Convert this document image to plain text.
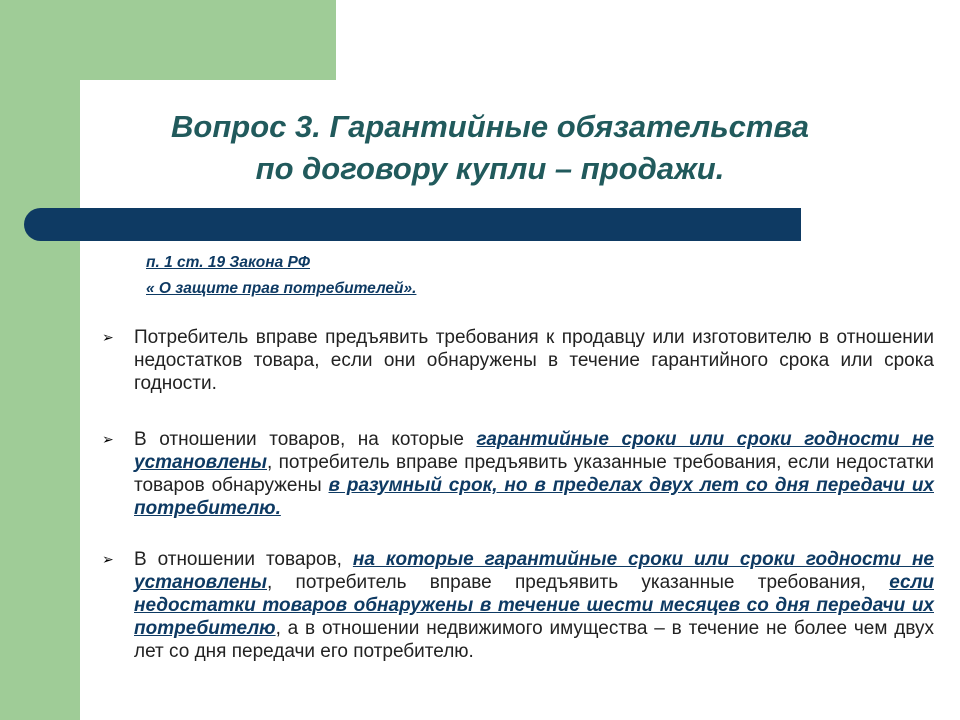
Вопрос 3. Гарантийные обязательства
по договору купли – продажи.
п. 1 ст. 19 Закона РФ
« О защите прав потребителей».
➢ Потребитель вправе предъявить требования к продавцу или изготовителю в отношении недостатков товара, если они обнаружены в течение гарантийного срока или срока годности.
➢ В отношении товаров, на которые гарантийные сроки или сроки годности не установлены, потребитель вправе предъявить указанные требования, если недостатки товаров обнаружены в разумный срок, но в пределах двух лет со дня передачи их потребителю.
➢ В отношении товаров, на которые гарантийные сроки или сроки годности не установлены, потребитель вправе предъявить указанные требования, если недостатки товаров обнаружены в течение шести месяцев со дня передачи их потребителю, а в отношении недвижимого имущества – в течение не более чем двух лет со дня передачи его потребителю.
